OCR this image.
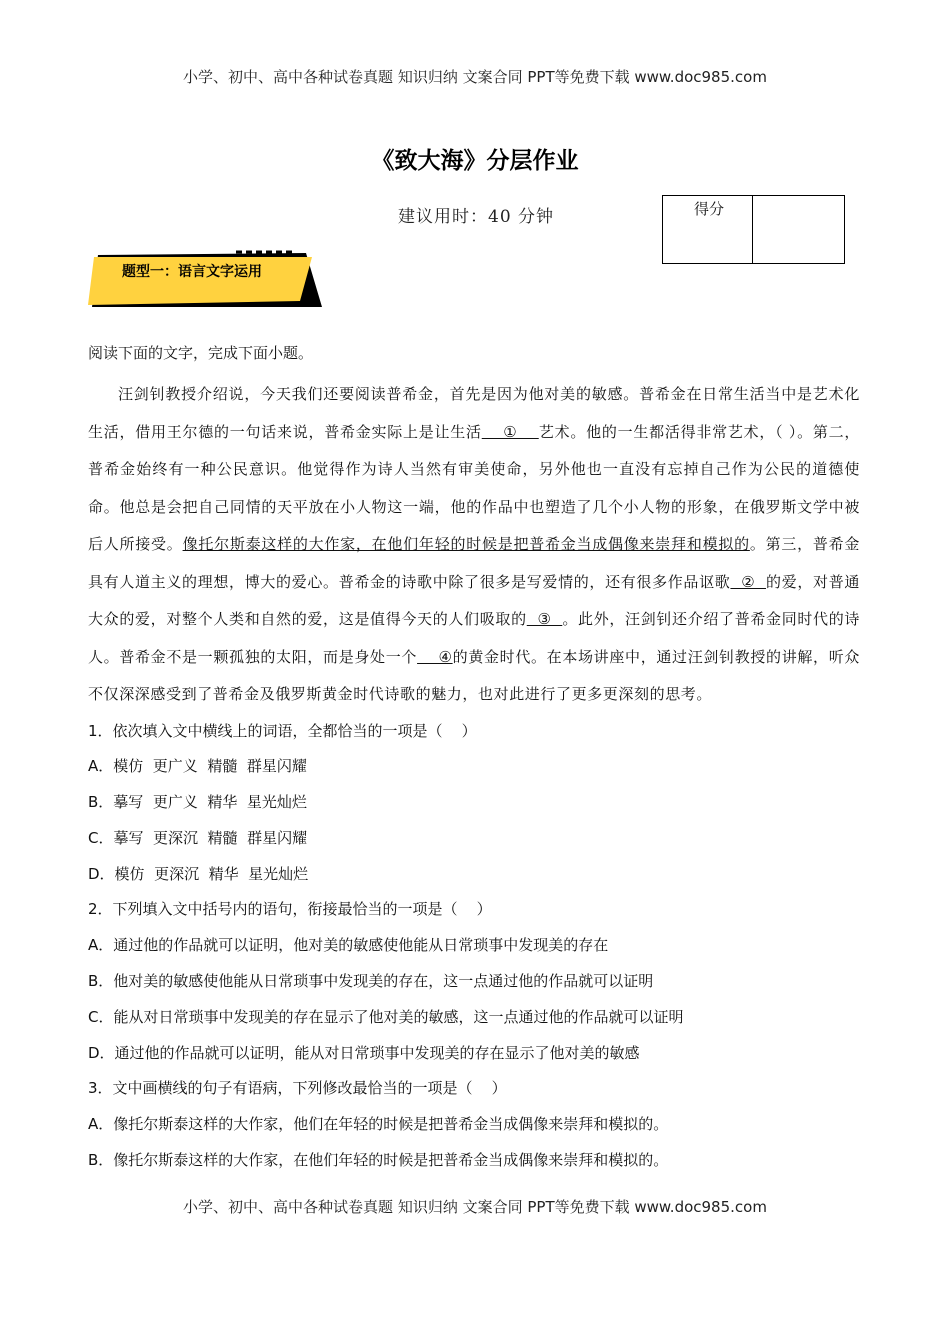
小学、初中、高中各种试卷真题 知识归纳 文案合同 PPT等免费下载 www.doc985.com
《致大海》分层作业
建议用时：40 分钟	得分
题型一：语言文字运用
阅读下面的文字，完成下面小题。
汪剑钊教授介绍说，今天我们还要阅读普希金，首先是因为他对美的敏感。普希金在日常生活当中是艺术化生活，借用王尔德的一句话来说，普希金实际上是让生活    ①    艺术。他的一生都活得非常艺术，（ ）。第二，普希金始终有一种公民意识。他觉得作为诗人当然有审美使命，另外他也一直没有忘掉自己作为公民的道德使命。他总是会把自己同情的天平放在小人物这一端，他的作品中也塑造了几个小人物的形象，在俄罗斯文学中被后人所接受。像托尔斯泰这样的大作家，在他们年轻的时候是把普希金当成偶像来崇拜和模拟的。第三，普希金具有人道主义的理想，博大的爱心。普希金的诗歌中除了很多是写爱情的，还有很多作品讴歌  ②  的爱，对普通大众的爱，对整个人类和自然的爱，这是值得今天的人们吸取的  ③  。此外，汪剑钊还介绍了普希金同时代的诗人。普希金不是一颗孤独的太阳，而是身处一个    ④的黄金时代。在本场讲座中，通过汪剑钊教授的讲解，听众不仅深深感受到了普希金及俄罗斯黄金时代诗歌的魅力，也对此进行了更多更深刻的思考。
1．依次填入文中横线上的词语，全都恰当的一项是（    ）
A．模仿  更广义  精髓  群星闪耀
B．摹写  更广义  精华  星光灿烂
C．摹写  更深沉  精髓  群星闪耀
D．模仿  更深沉  精华  星光灿烂
2．下列填入文中括号内的语句，衔接最恰当的一项是（    ）
A．通过他的作品就可以证明，他对美的敏感使他能从日常琐事中发现美的存在
B．他对美的敏感使他能从日常琐事中发现美的存在，这一点通过他的作品就可以证明
C．能从对日常琐事中发现美的存在显示了他对美的敏感，这一点通过他的作品就可以证明
D．通过他的作品就可以证明，能从对日常琐事中发现美的存在显示了他对美的敏感
3．文中画横线的句子有语病，下列修改最恰当的一项是（    ）
A．像托尔斯泰这样的大作家，他们在年轻的时候是把普希金当成偶像来崇拜和模拟的。
B．像托尔斯泰这样的大作家，在他们年轻的时候是把普希金当成偶像来崇拜和模拟的。
小学、初中、高中各种试卷真题 知识归纳 文案合同 PPT等免费下载 www.doc985.com
